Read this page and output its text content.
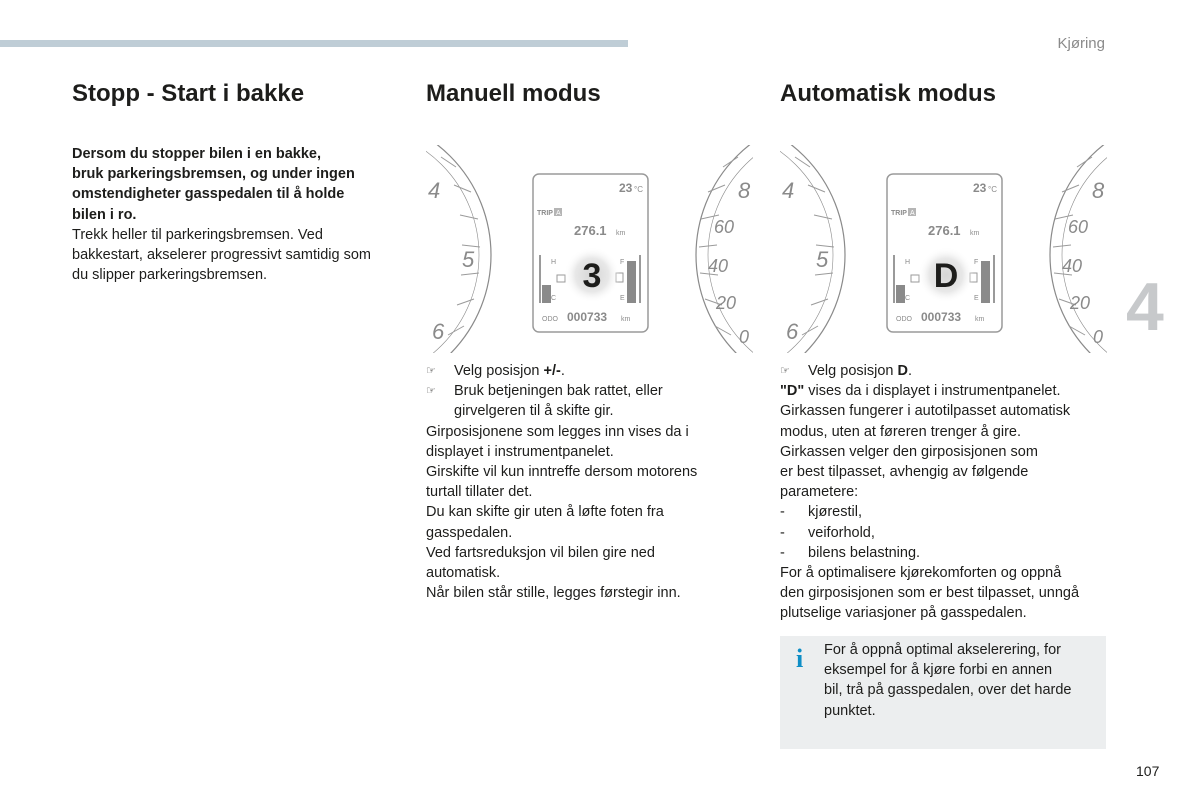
Kjøring
4
107
Stopp - Start i bakke

Dersom du stopper bilen i en bakke,

bruk parkeringsbremsen, og under ingen

omstendigheter gasspedalen til å holde

bilen i ro.

Trekk heller til parkeringsbremsen. Ved

bakkestart, akselerer progressivt samtidig som

du slipper parkeringsbremsen.

Manuell modus
4
5
6
8
60
40
20
0
23 °C
TRIP A
276.1 km
H
C
F
E
ODO 000733 km
3
☞	Velg posisjon +/-.
☞	Bruk betjeningen bak rattet, eller
girvelgeren til å skifte gir.

Girposisjonene som legges inn vises da i

displayet i instrumentpanelet.

Girskifte vil kun inntreffe dersom motorens

turtall tillater det.

Du kan skifte gir uten å løfte foten fra

gasspedalen.

Ved fartsreduksjon vil bilen gire ned

automatisk.

Når bilen står stille, legges førstegir inn.

Automatisk modus
4
5
6
8
60
40
20
0
23 °C
TRIP A
276.1 km
H
C
F
E
ODO 000733 km
D
☞	Velg posisjon D.

"D" vises da i displayet i instrumentpanelet.

Girkassen fungerer i autotilpasset automatisk

modus, uten at føreren trenger å gire.

Girkassen velger den girposisjonen som

er best tilpasset, avhengig av følgende

parametere:

-	kjørestil,
-	veiforhold,
-	bilens belastning.

For å optimalisere kjørekomforten og oppnå

den girposisjonen som er best tilpasset, unngå

plutselige variasjoner på gasspedalen.

i For å oppnå optimal akselerering, for
eksempel for å kjøre forbi en annen
bil, trå på gasspedalen, over det harde
punktet.
